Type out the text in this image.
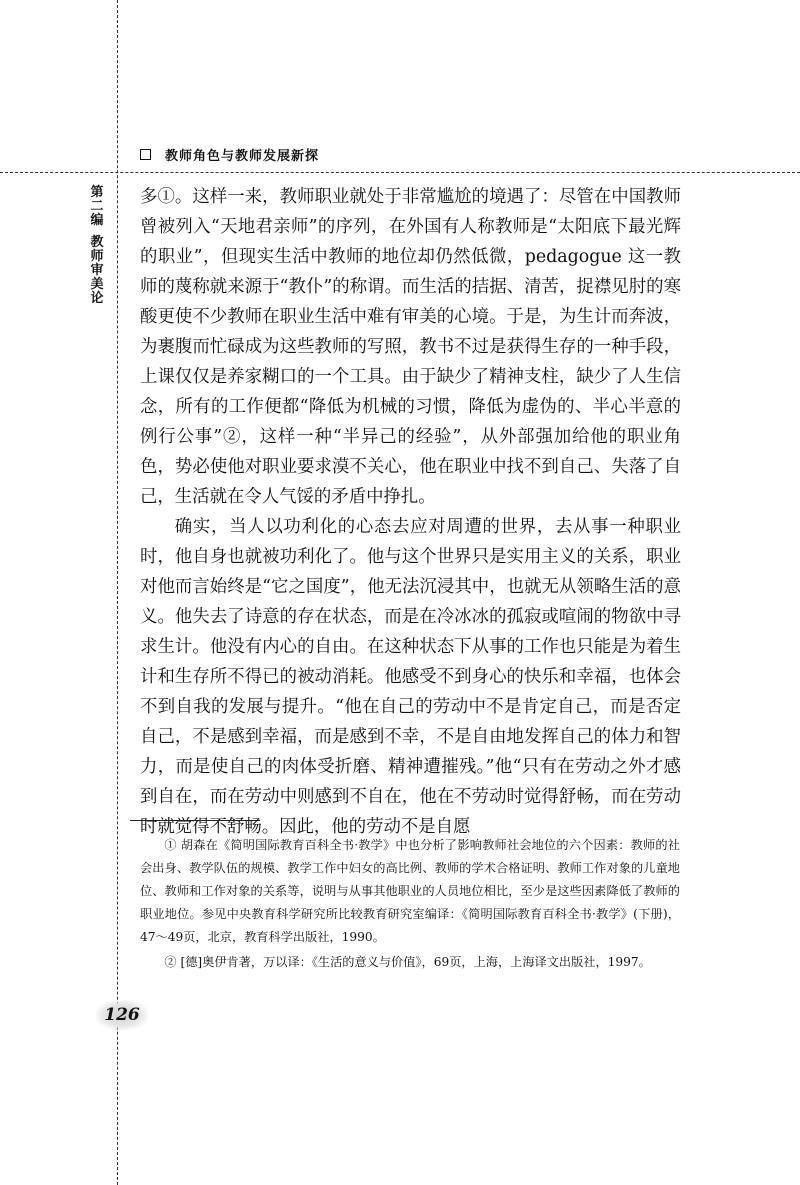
教师角色与教师发展新探
第二编
教师审美论

多①。这样一来，教师职业就处于非常尴尬的境遇了：尽管在中国教师曾被列入“天地君亲师”的序列，在外国有人称教师是“太阳底下最光辉的职业”，但现实生活中教师的地位却仍然低微，pedagogue 这一教师的蔑称就来源于“教仆”的称谓。而生活的拮据、清苦，捉襟见肘的寒酸更使不少教师在职业生活中难有审美的心境。于是，为生计而奔波，为裹腹而忙碌成为这些教师的写照，教书不过是获得生存的一种手段，上课仅仅是养家糊口的一个工具。由于缺少了精神支柱，缺少了人生信念，所有的工作便都“降低为机械的习惯，降低为虚伪的、半心半意的例行公事”②，这样一种“半异己的经验”，从外部强加给他的职业角色，势必使他对职业要求漠不关心，他在职业中找不到自己、失落了自己，生活就在令人气馁的矛盾中挣扎。

确实，当人以功利化的心态去应对周遭的世界，去从事一种职业时，他自身也就被功利化了。他与这个世界只是实用主义的关系，职业对他而言始终是“它之国度”，他无法沉浸其中，也就无从领略生活的意义。他失去了诗意的存在状态，而是在冷冰冰的孤寂或喧闹的物欲中寻求生计。他没有内心的自由。在这种状态下从事的工作也只能是为着生计和生存所不得已的被动消耗。他感受不到身心的快乐和幸福，也体会不到自我的发展与提升。“他在自己的劳动中不是肯定自己，而是否定自己，不是感到幸福，而是感到不幸，不是自由地发挥自己的体力和智力，而是使自己的肉体受折磨、精神遭摧残。”他“只有在劳动之外才感到自在，而在劳动中则感到不自在，他在不劳动时觉得舒畅，而在劳动时就觉得不舒畅。因此，他的劳动不是自愿

① 胡森在《简明国际教育百科全书·教学》中也分析了影响教师社会地位的六个因素：教师的社会出身、教学队伍的规模、教学工作中妇女的高比例、教师的学术合格证明、教师工作对象的儿童地位、教师和工作对象的关系等，说明与从事其他职业的人员地位相比，至少是这些因素降低了教师的职业地位。参见中央教育科学研究所比较教育研究室编译：《简明国际教育百科全书·教学》(下册)，47～49页，北京，教育科学出版社，1990。

② [德]奥伊肯著，万以译：《生活的意义与价值》，69页，上海，上海译文出版社，1997。

126
